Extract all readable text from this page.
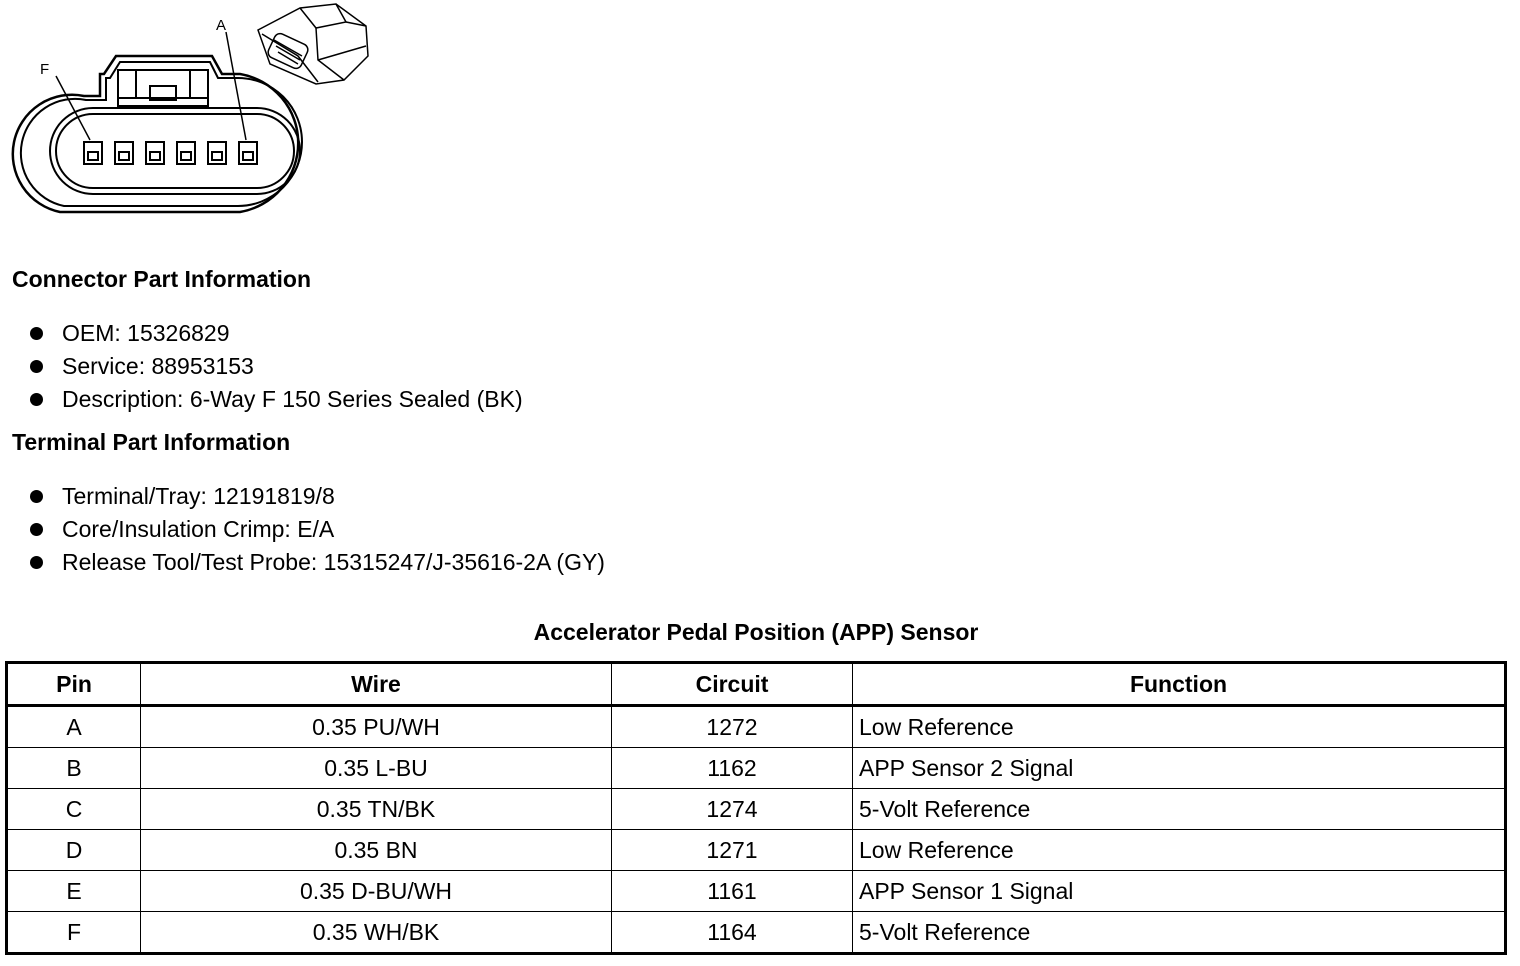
A
F
Connector Part Information
OEM: 15326829
Service: 88953153
Description: 6-Way F 150 Series Sealed (BK)
Terminal Part Information
Terminal/Tray: 12191819/8
Core/Insulation Crimp: E/A
Release Tool/Test Probe: 15315247/J-35616-2A (GY)
Accelerator Pedal Position (APP) Sensor
Pin	Wire	Circuit	Function
A	0.35 PU/WH	1272	Low Reference
B	0.35 L-BU	1162	APP Sensor 2 Signal
C	0.35 TN/BK	1274	5-Volt Reference
D	0.35 BN	1271	Low Reference
E	0.35 D-BU/WH	1161	APP Sensor 1 Signal
F	0.35 WH/BK	1164	5-Volt Reference
